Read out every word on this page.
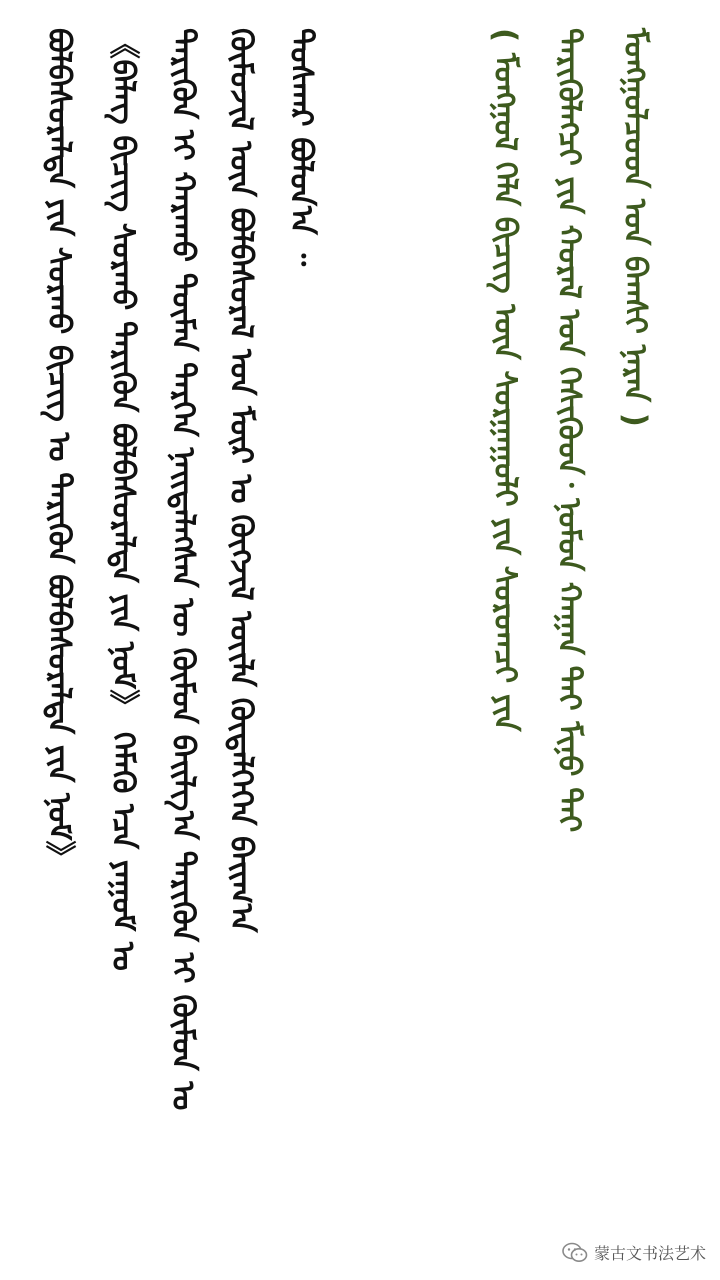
ᠪᠣᠯᠪᠠᠰᠤᠷᠠᠯᠲᠠ ᠶᠢᠨ ᠰᠤᠷᠬᠤ ᠪᠢᠴᠢᠭ ᠤ ᠲᠡᠷᠢᠭᠦᠨ ᠪᠤᠯᠪᠠᠰᠤᠷᠠᠯᠲᠠ ᠶᠢᠨ ᠨᠣᠮ》 《ᠪᠡᠯᠡᠭ ᠪᠢᠴᠢᠭ ᠰᠤᠷᠬᠤ ᠲᠡᠷᠢᠭᠦᠨ ᠪᠤᠯᠪᠠᠰᠤᠷᠠᠯᠲᠠ ᠶᠢᠨ ᠨᠣᠮ》 ᠬᠡᠮᠡᠬᠦ ᠡᠴᠡ ᠶᠠᠭᠤᠮ ᠤ ᠲᠡᠷᠢᠭᠦᠨ ᠢ ᠬᠠᠷᠠᠬᠤ ᠲᠦᠮᠡᠨ ᠲᠡᠷᠬᠡᠨ ᠨᠡᠢᠲᠡᠯᠡᠭᠰᠡᠨ ᠦ ᠬᠦᠮᠦᠨ ᠪᠠᠢᠯᠭ᠎ᠠ ᠲᠡᠷᠢᠭᠦᠨ ᠢ ᠬᠦᠮᠦᠨ ᠤ ᠬᠦᠮᠦᠵᠢᠯ ᠦᠨ ᠪᠤᠯᠪᠠᠰᠤᠷᠠᠯ ᠤᠨ ᠮᠦᠷ ᠤ ᠬᠥᠭᠵᠢᠯ ᠦᠢᠯᠡ ᠬᠥᠳᠡᠯᠭᠡᠭᠡᠨ ᠪᠠᠢᠭ᠎ᠠ ᠲᠤᠰᠬᠠᠷ ᠪᠣᠯᠤᠨ᠎ᠠ ᠃	( ᠮᠣᠩᠭᠣᠯ ᠬᠡᠯᠡ ᠪᠢᠴᠢᠭ ᠦᠨ ᠰᠤᠷᠭᠠᠭᠤᠯᠢ ᠶᠢᠨ ᠰᠤᠷᠤᠭᠴᠢ ᠶᠢᠨ ᠲᠡᠷᠢᠭᠦᠯᠡᠭᠴᠢ ᠶᠢᠨ ᠬᠤᠷᠠᠯ ᠤᠨ ᠭᠡᠰᠢᠭᠦᠳ᠂ ᠨᠣᠮᠤᠨ ᠬᠠᠭᠠᠨ ᠲᠠᠢ ᠮᠢᠨᠦ ᠲᠠᠢ ᠮᠣᠩᠭᠣᠯᠴᠤᠳ ᠤᠨ ᠪᠠᠭᠰᠢ ᠨᠠᠷᠠᠨ )
蒙古文书法艺术
